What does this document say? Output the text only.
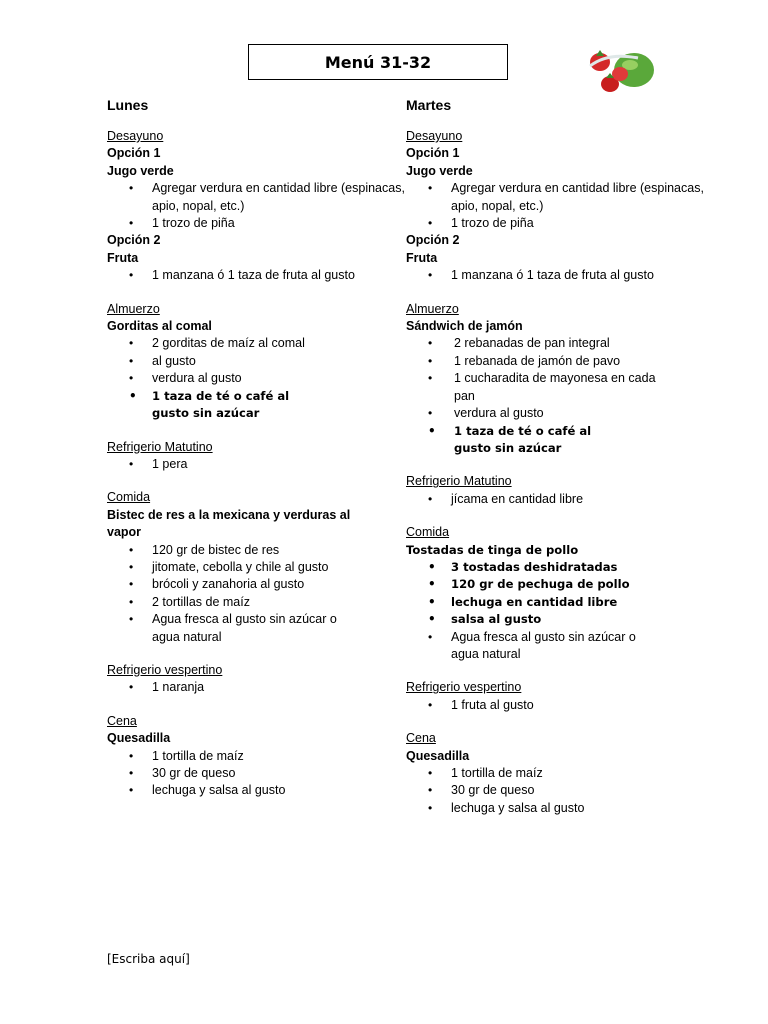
Menú 31-32
Lunes
Desayuno
Opción 1
Jugo verde
• Agregar verdura en cantidad libre (espinacas, apio, nopal, etc.)
• 1 trozo de piña
Opción 2
Fruta
• 1 manzana ó 1 taza de fruta al gusto
Almuerzo
Gorditas al comal
• 2 gorditas de maíz al comal
• al gusto
• verdura al gusto
• 1 taza de té o café al gusto sin azúcar
Refrigerio Matutino
• 1 pera
Comida
Bistec de res a la mexicana y verduras al vapor
• 120 gr de bistec de res
• jitomate, cebolla y chile al gusto
• brócoli y zanahoria al gusto
• 2 tortillas de maíz
• Agua fresca al gusto sin azúcar o agua natural
Refrigerio vespertino
• 1 naranja
Cena
Quesadilla
• 1 tortilla de maíz
• 30 gr de queso
• lechuga y salsa al gusto
Martes
Desayuno
Opción 1
Jugo verde
• Agregar verdura en cantidad libre (espinacas, apio, nopal, etc.)
• 1 trozo de piña
Opción 2
Fruta
• 1 manzana ó 1 taza de fruta al gusto
Almuerzo
Sándwich de jamón
• 2 rebanadas de pan integral
• 1 rebanada de jamón de pavo
• 1 cucharadita de mayonesa en cada pan
• verdura al gusto
• 1 taza de té o café al gusto sin azúcar
Refrigerio Matutino
• jícama en cantidad libre
Comida
Tostadas de tinga de pollo
• 3 tostadas deshidratadas
• 120 gr de pechuga de pollo
• lechuga en cantidad libre
• salsa al gusto
• Agua fresca al gusto sin azúcar o agua natural
Refrigerio vespertino
• 1 fruta al gusto
Cena
Quesadilla
• 1 tortilla de maíz
• 30 gr de queso
• lechuga y salsa al gusto
[Escriba aquí]
